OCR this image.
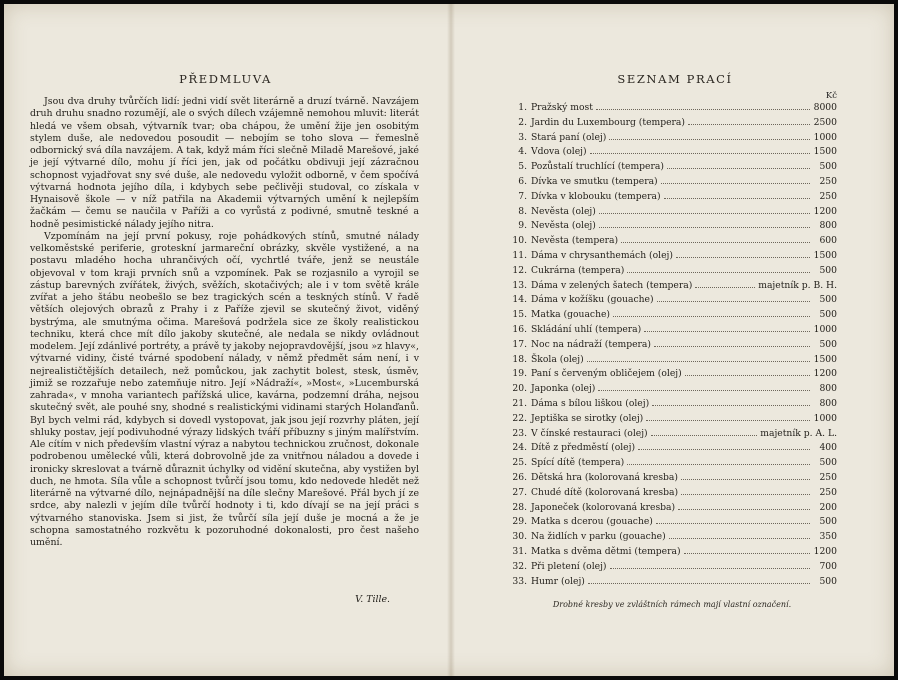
PŘEDMLUVA

Jsou dva druhy tvůrčích lidí: jedni vidí svět literárně a druzí tvárně. Navzájem druh druhu snadno rozumějí, ale o svých dílech vzájemně nemohou mluvit: literát hledá ve všem obsah, výtvarník tvar; oba chápou, že umění žije jen osobitým stylem duše, ale nedovedou posoudit — nebojím se toho slova — řemeslně odbornický svá díla navzájem. A tak, když mám říci slečně Miladě Marešové, jaké je její výtvarné dílo, mohu jí říci jen, jak od počátku obdivuji její zázračnou schopnost vyjadřovat sny své duše, ale nedovedu vyložit odborně, v čem spočívá výtvarná hodnota jejího díla, i kdybych sebe pečlivěji studoval, co získala v Hynaisově škole — v níž patřila na Akademii výtvarných umění k nejlepším žačkám — čemu se naučila v Paříži a co vyrůstá z podivné, smutně teskné a hodně pesimistické nálady jejího nitra.

Vzpomínám na její první pokusy, roje pohádkových stínů, smutné nálady velkoměstské periferie, groteskní jarmareční obrázky, skvěle vystižené, a na postavu mladého hocha uhrančivých očí, vychrtlé tváře, jenž se neustále objevoval v tom kraji prvních snů a vzpomínek. Pak se rozjasnilo a vyrojil se zástup barevných zvířátek, živých, svěžích, skotačivých; ale i v tom světě krále zvířat a jeho štábu neobešlo se bez tragických scén a teskných stínů. V řadě větších olejových obrazů z Prahy i z Paříže zjevil se skutečný život, viděný bystrýma, ale smutnýma očima. Marešová podržela sice ze školy realistickou techniku, která chce mít dílo jakoby skutečné, ale nedala se nikdy ovládnout modelem. Její zdánlivé portréty, a právě ty jakoby nejopravdovější, jsou »z hlavy«, výtvarné vidiny, čisté tvárné spodobení nálady, v němž předmět sám není, i v nejrealističtějších detailech, než pomůckou, jak zachytit bolest, stesk, úsměv, jimiž se rozzařuje nebo zatemňuje nitro. Její »Nádraží«, »Most«, »Lucemburská zahrada«, v mnoha variantech pařížská ulice, kavárna, podzemní dráha, nejsou skutečný svět, ale pouhé sny, shodné s realistickými vidinami starých Holanďanů. Byl bych velmi rád, kdybych si dovedl vystopovat, jak jsou její rozvrhy pláten, její shluky postav, její podivuhodné výrazy lidských tváří příbuzny s jiným malířstvím. Ale cítím v nich především vlastní výraz a nabytou technickou zručnost, dokonale podrobenou umělecké vůli, která dobrovolně jde za vnitřnou náladou a dovede i ironicky skreslovat a tvárně důraznit úchylky od vidění skutečna, aby vystižen byl duch, ne hmota. Síla vůle a schopnost tvůrčí jsou tomu, kdo nedovede hledět než literárně na výtvarné dílo, nejnápadnější na díle slečny Marešové. Přál bych jí ze srdce, aby nalezli v jejím díle tvůrčí hodnoty i ti, kdo dívají se na její práci s výtvarného stanoviska. Jsem si jist, že tvůrčí síla její duše je mocná a že je schopna samostatného rozkvětu k pozoruhodné dokonalosti, pro čest našeho umění.

V. Tille.
SEZNAM PRACÍ
Kč
1. Pražský most	8000
2. Jardin du Luxembourg (tempera)	2500
3. Stará paní (olej)	1000
4. Vdova (olej)	1500
5. Pozůstalí truchlící (tempera)	500
6. Dívka ve smutku (tempera)	250
7. Dívka v klobouku (tempera)	250
8. Nevěsta (olej)	1200
9. Nevěsta (olej)	800
10. Nevěsta (tempera)	600
11. Dáma v chrysanthemách (olej)	1500
12. Cukrárna (tempera)	500
13. Dáma v zelených šatech (tempera)	majetník p. B. H.
14. Dáma v kožíšku (gouache)	500
15. Matka (gouache)	500
16. Skládání uhlí (tempera)	1000
17. Noc na nádraží (tempera)	500
18. Škola (olej)	1500
19. Paní s červeným obličejem (olej)	1200
20. Japonka (olej)	800
21. Dáma s bílou liškou (olej)	800
22. Jeptiška se sirotky (olej)	1000
23. V čínské restauraci (olej)	majetník p. A. L.
24. Dítě z předměstí (olej)	400
25. Spící dítě (tempera)	500
26. Dětská hra (kolorovaná kresba)	250
27. Chudé dítě (kolorovaná kresba)	250
28. Japoneček (kolorovaná kresba)	200
29. Matka s dcerou (gouache)	500
30. Na židlích v parku (gouache)	350
31. Matka s dvěma dětmi (tempera)	1200
32. Při pletení (olej)	700
33. Humr (olej)	500
Drobné kresby ve zvláštních rámech mají vlastní označení.
